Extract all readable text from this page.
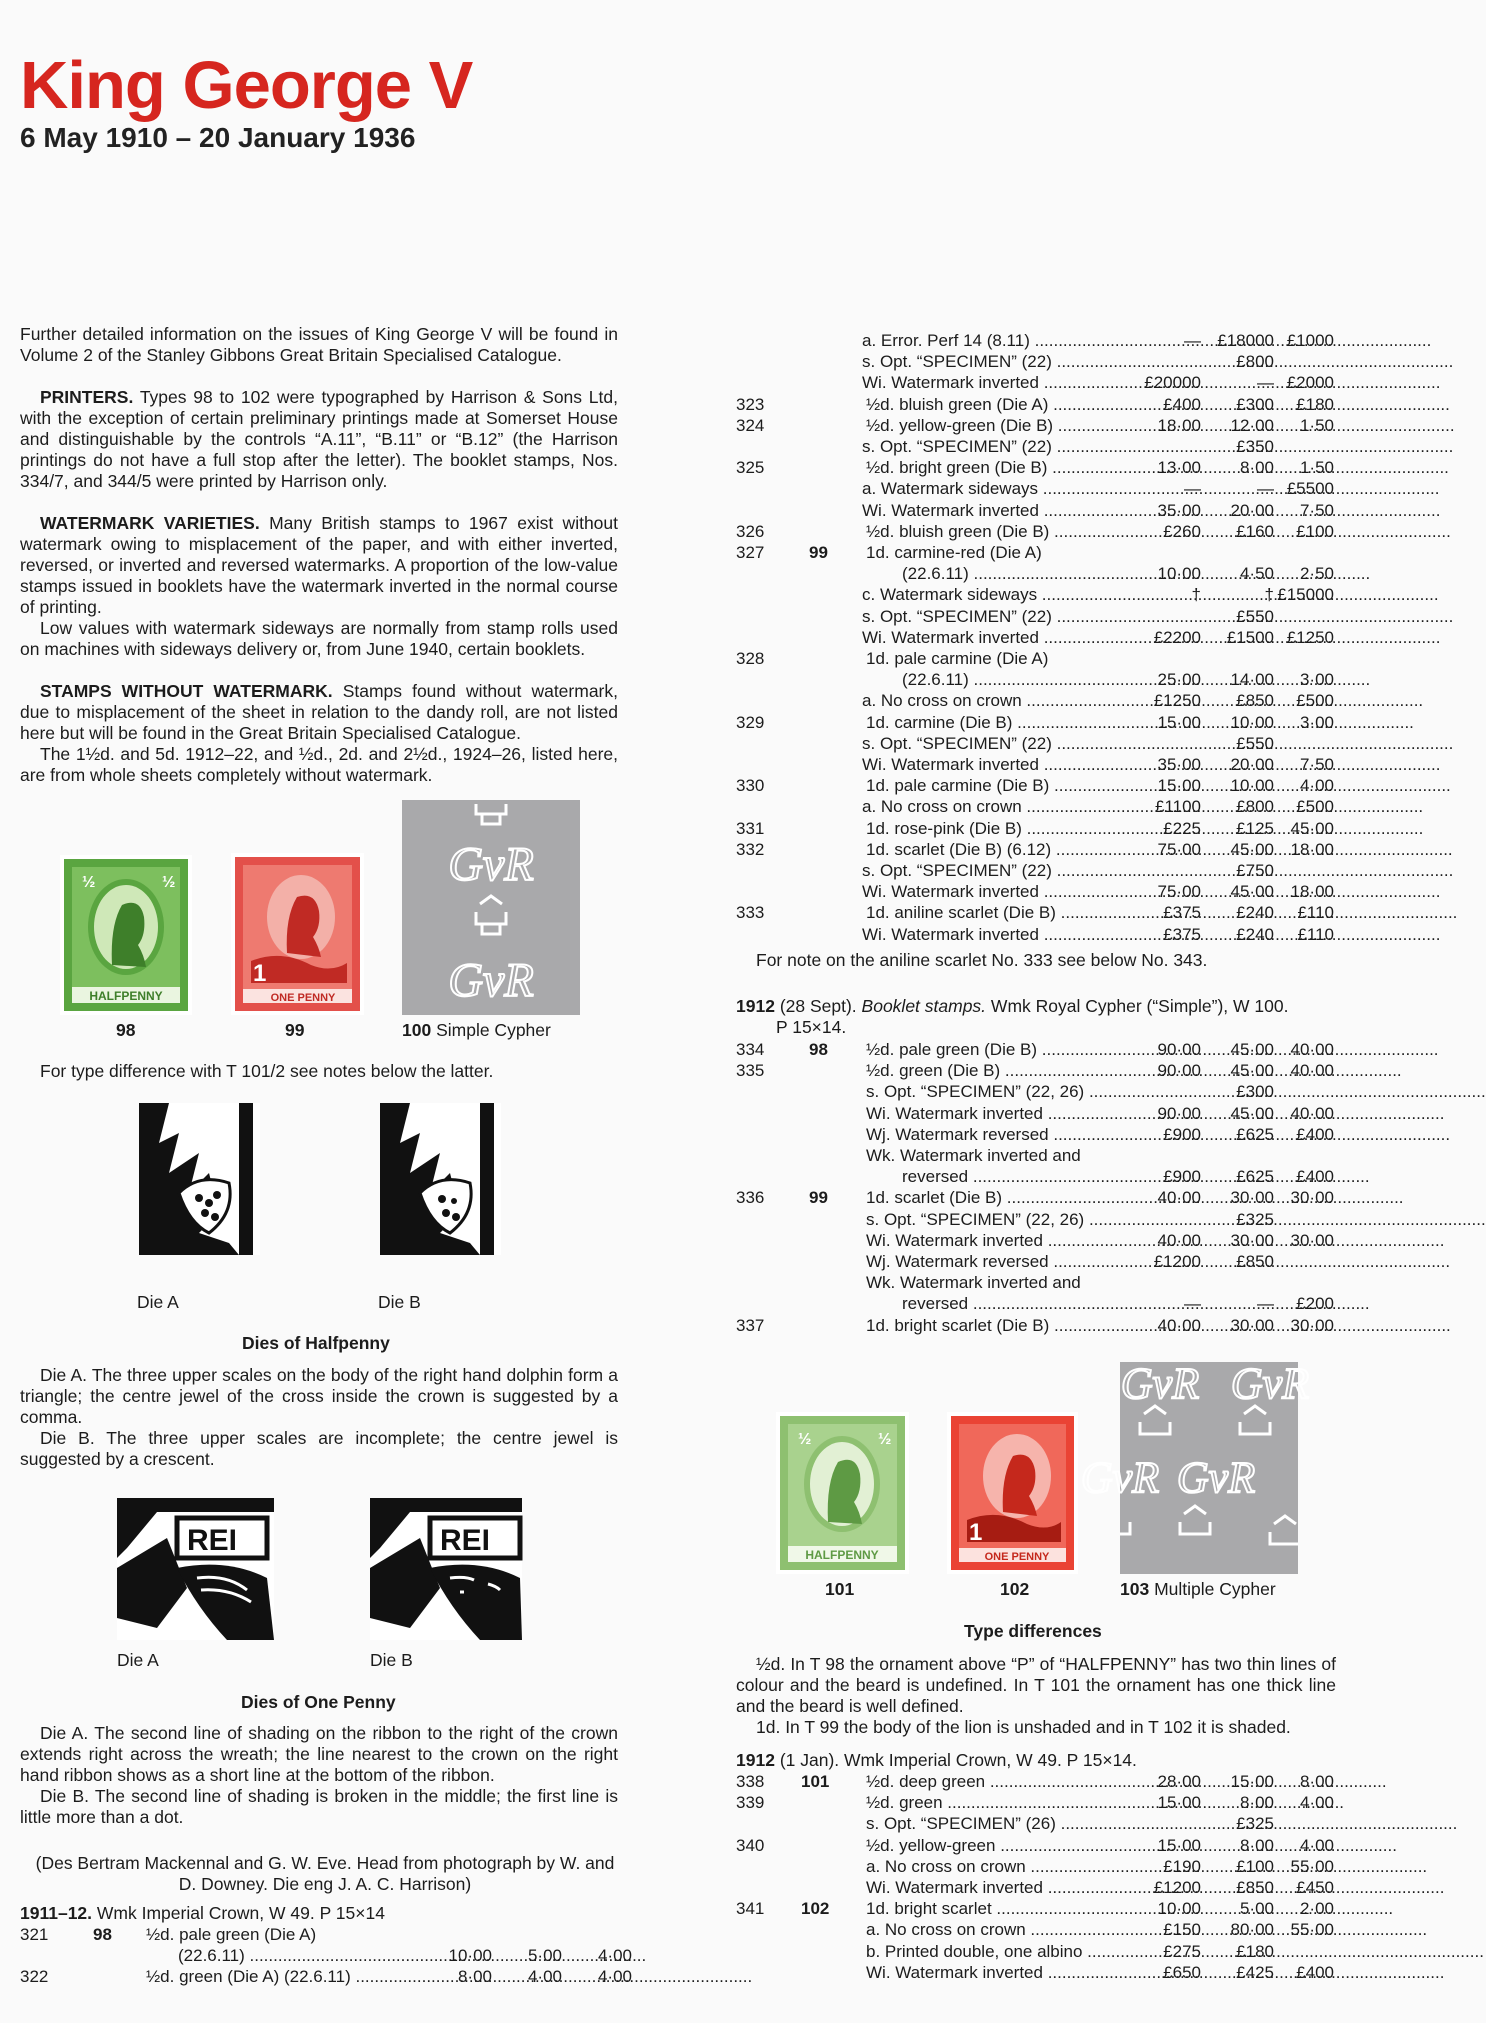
King George V
6 May 1910 – 20 January 1936

Further detailed information on the issues of King George V will be found in Volume 2 of the Stanley Gibbons Great Britain Specialised Catalogue.

PRINTERS. Types 98 to 102 were typographed by Harrison & Sons Ltd, with the exception of certain preliminary printings made at Somerset House and distinguishable by the controls “A.11”, “B.11” or “B.12” (the Harrison printings do not have a full stop after the letter). The booklet stamps, Nos. 334/7, and 344/5 were printed by Harrison only.

WATERMARK VARIETIES. Many British stamps to 1967 exist without watermark owing to misplacement of the paper, and with either inverted, reversed, or inverted and reversed watermarks. A proportion of the low-value stamps issued in booklets have the watermark inverted in the normal course of printing.

Low values with watermark sideways are normally from stamp rolls used on machines with sideways delivery or, from June 1940, certain booklets.

STAMPS WITHOUT WATERMARK. Stamps found without watermark, due to misplacement of the sheet in relation to the dandy roll, are not listed here but will be found in the Great Britain Specialised Catalogue.

The 1½d. and 5d. 1912–22, and ½d., 2d. and 2½d., 1924–26, listed here, are from whole sheets completely without watermark.

½	½
HALFPENNY
98
1
ONE PENNY
99
GvR
GvR
100 Simple Cypher
For type difference with T 101/2 see notes below the latter.
Die A	Die B
Dies of Halfpenny

Die A. The three upper scales on the body of the right hand dolphin form a triangle; the centre jewel of the cross inside the crown is suggested by a comma.

Die B. The three upper scales are incomplete; the centre jewel is suggested by a crescent.

REI
Die A
REI
Die B
Dies of One Penny

Die A. The second line of shading on the ribbon to the right of the crown extends right across the wreath; the line nearest to the crown on the right hand ribbon shows as a short line at the bottom of the ribbon.

Die B. The second line of shading is broken in the middle; the first line is little more than a dot.

(Des Bertram Mackennal and G. W. Eve. Head from photograph by W. and D. Downey. Die eng J. A. C. Harrison)
1911–12. Wmk Imperial Crown, W 49. P 15×14
321	98	½d. pale green (Die A)
(22.6.11) .....	10·00	5·00	4·00
322	½d. green (Die A) (22.6.11) .....	8·00	4·00	4·00
a. Error. Perf 14 (8.11) .....	— £18000 £1000
s. Opt. “SPECIMEN” (22) .....	£800
Wi. Watermark inverted .....	£20000	— £2000
323	½d. bluish green (Die A) .....	£400	£300	£180
324	½d. yellow-green (Die B) .....	18·00	12·00	1·50
s. Opt. “SPECIMEN” (22) .....	£350
325	½d. bright green (Die B) .....	13·00	8·00	1·50
a. Watermark sideways .....	—	— £5500
Wi. Watermark inverted .....	35·00	20·00	7·50
326	½d. bluish green (Die B) .....	£260	£160	£100
327	99	1d. carmine-red (Die A)
(22.6.11) .....	10·00	4·50	2·50
c. Watermark sideways .....	†	† £15000
s. Opt. “SPECIMEN” (22) .....	£550
Wi. Watermark inverted .....	£2200	£1500 £1250
328	1d. pale carmine (Die A)
(22.6.11) .....	25·00	14·00	3·00
a. No cross on crown .....	£1250	£850	£500
329	1d. carmine (Die B) .....	15·00	10·00	3·00
s. Opt. “SPECIMEN” (22) .....	£550
Wi. Watermark inverted .....	35·00	20·00	7·50
330	1d. pale carmine (Die B) .....	15·00	10·00	4·00
a. No cross on crown .....	£1100	£800	£500
331	1d. rose-pink (Die B) .....	£225	£125 45·00
332	1d. scarlet (Die B) (6.12) .....	75·00	45·00 18·00
s. Opt. “SPECIMEN” (22) .....	£750
Wi. Watermark inverted .....	75·00	45·00 18·00
333	1d. aniline scarlet (Die B) .....	£375	£240	£110
Wi. Watermark inverted .....	£375	£240	£110
For note on the aniline scarlet No. 333 see below No. 343.
1912 (28 Sept). Booklet stamps. Wmk Royal Cypher (“Simple”), W 100.
P 15×14.
334	98	½d. pale green (Die B) .....	90·00	45·00 40·00
335	½d. green (Die B) .....	90·00	45·00 40·00
s. Opt. “SPECIMEN” (22, 26) .....	£300
Wi. Watermark inverted .....	90·00	45·00 40·00
Wj. Watermark reversed .....	£900	£625	£400
Wk. Watermark inverted and
reversed .....	£900	£625	£400
336	99	1d. scarlet (Die B) .....	40·00	30·00 30·00
s. Opt. “SPECIMEN” (22, 26) .....	£325
Wi. Watermark inverted .....	40·00	30·00 30·00
Wj. Watermark reversed .....	£1200	£850
Wk. Watermark inverted and
reversed .....	—	—	£200
337	1d. bright scarlet (Die B) .....	40·00	30·00 30·00
½	½
HALFPENNY
101
1
ONE PENNY
102
GvR GvR
GvR
GvR
103 Multiple Cypher
Type differences

½d. In T 98 the ornament above “P” of “HALFPENNY” has two thin lines of colour and the beard is undefined. In T 101 the ornament has one thick line and the beard is well defined.

1d. In T 99 the body of the lion is unshaded and in T 102 it is shaded.

1912 (1 Jan). Wmk Imperial Crown, W 49. P 15×14.
338	101	½d. deep green .....	28·00	15·00	8·00
339	½d. green .....	15·00	8·00	4·00
s. Opt. “SPECIMEN” (26) .....	£325
340	½d. yellow-green .....	15·00	8·00	4·00
a. No cross on crown .....	£190	£100 55·00
Wi. Watermark inverted .....	£1200	£850	£450
341	102	1d. bright scarlet .....	10·00	5·00	2·00
a. No cross on crown .....	£150	80·00 55·00
b. Printed double, one albino .....	£275	£180
Wi. Watermark inverted .....	£650	£425	£400
